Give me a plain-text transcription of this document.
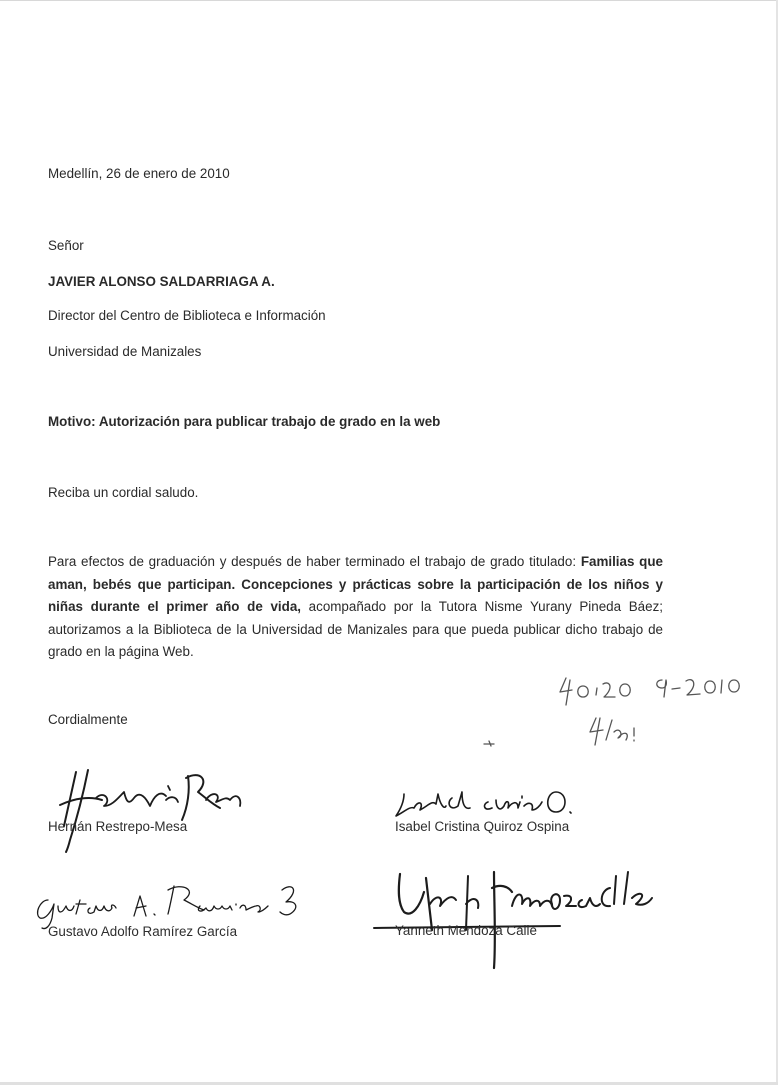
Medellín, 26 de enero de 2010
Señor
JAVIER ALONSO SALDARRIAGA A.
Director del Centro de Biblioteca e Información
Universidad de Manizales
Motivo: Autorización para publicar trabajo de grado en la web
Reciba un cordial saludo.
Para efectos de graduación y después de haber terminado el trabajo de grado titulado: Familias que aman, bebés que participan. Concepciones y prácticas sobre la participación de los niños y niñas durante el primer año de vida, acompañado por la Tutora Nisme Yurany Pineda Báez; autorizamos a la Biblioteca de la Universidad de Manizales para que pueda publicar dicho trabajo de grado en la página Web.
Cordialmente
Hernán Restrepo-Mesa	Isabel Cristina Quiroz Ospina
Gustavo Adolfo Ramírez García	Yanneth Mendoza Calle
